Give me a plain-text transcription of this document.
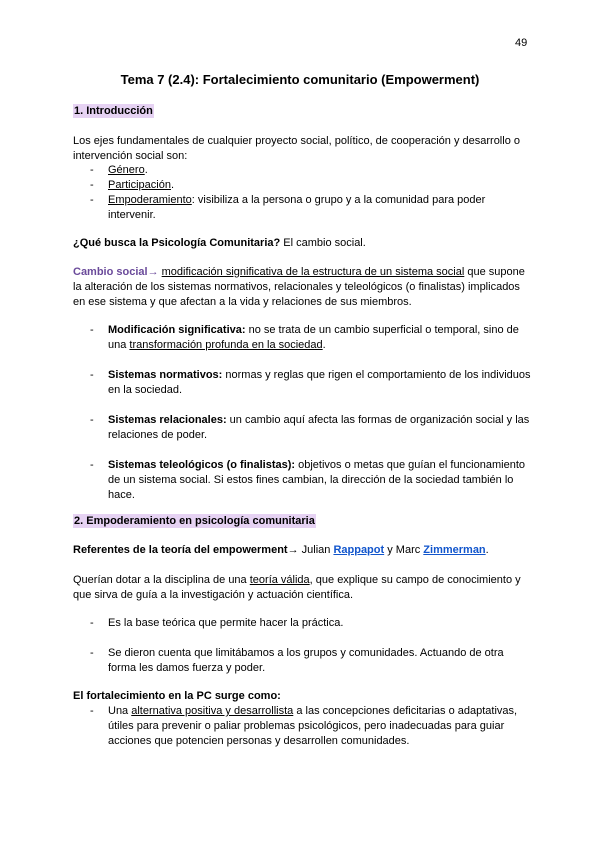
49
Tema 7 (2.4): Fortalecimiento comunitario (Empowerment)
1. Introducción
Los ejes fundamentales de cualquier proyecto social, político, de cooperación y desarrollo o intervención social son:
- Género.
- Participación.
- Empoderamiento: visibiliza a la persona o grupo y a la comunidad para poder intervenir.
¿Qué busca la Psicología Comunitaria? El cambio social.
Cambio social→ modificación significativa de la estructura de un sistema social que supone la alteración de los sistemas normativos, relacionales y teleológicos (o finalistas) implicados en ese sistema y que afectan a la vida y relaciones de sus miembros.
- Modificación significativa: no se trata de un cambio superficial o temporal, sino de una transformación profunda en la sociedad.
- Sistemas normativos: normas y reglas que rigen el comportamiento de los individuos en la sociedad.
- Sistemas relacionales: un cambio aquí afecta las formas de organización social y las relaciones de poder.
- Sistemas teleológicos (o finalistas): objetivos o metas que guían el funcionamiento de un sistema social. Si estos fines cambian, la dirección de la sociedad también lo hace.
2. Empoderamiento en psicología comunitaria
Referentes de la teoría del empowerment→ Julian Rappapot y Marc Zimmerman.
Querían dotar a la disciplina de una teoría válida, que explique su campo de conocimiento y que sirva de guía a la investigación y actuación científica.
- Es la base teórica que permite hacer la práctica.
- Se dieron cuenta que limitábamos a los grupos y comunidades. Actuando de otra forma les damos fuerza y poder.
El fortalecimiento en la PC surge como:
- Una alternativa positiva y desarrollista a las concepciones deficitarias o adaptativas, útiles para prevenir o paliar problemas psicológicos, pero inadecuadas para guiar acciones que potencien personas y desarrollen comunidades.
